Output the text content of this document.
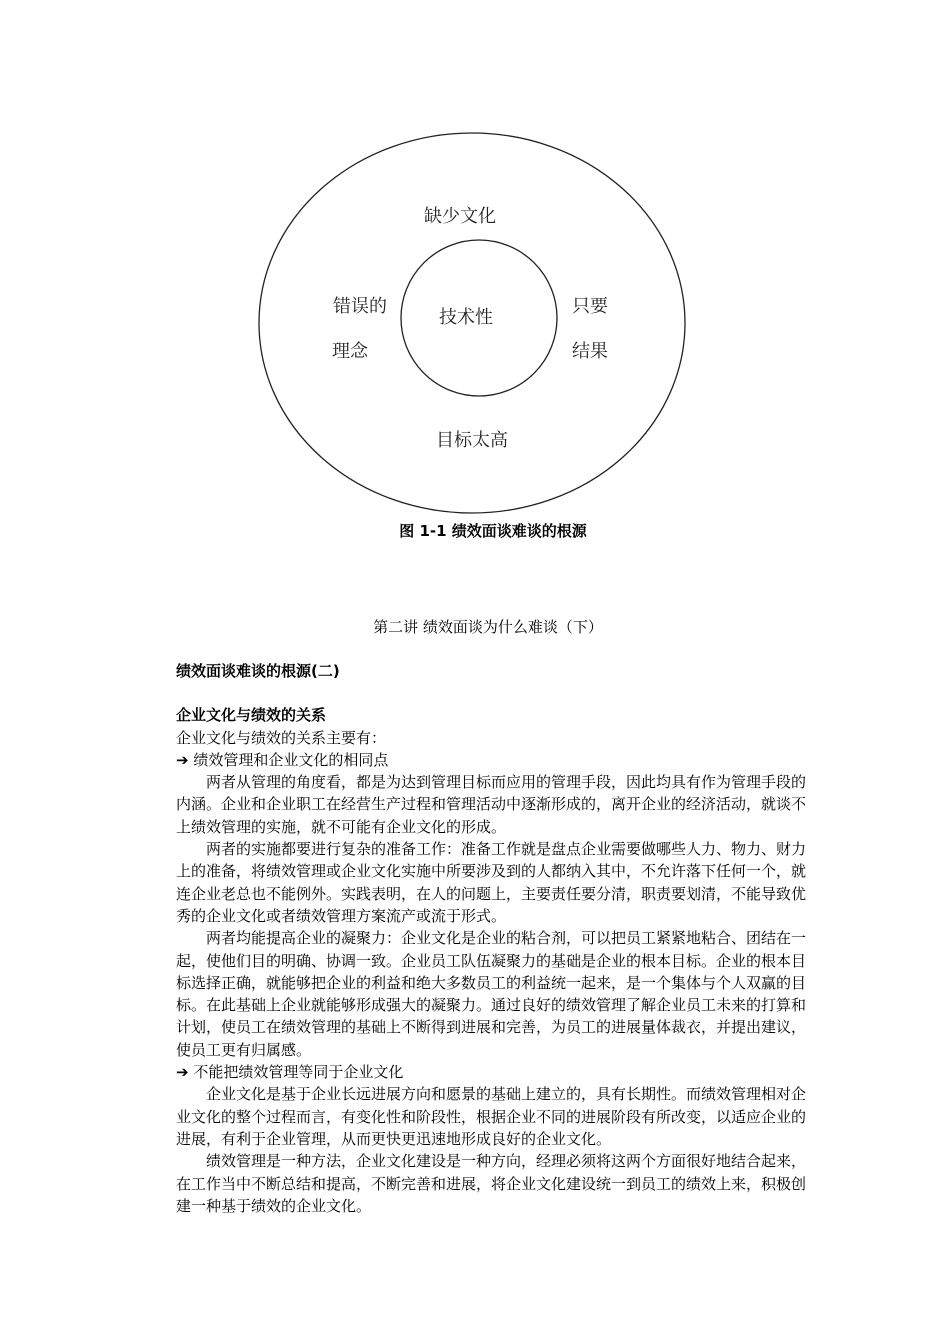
缺少文化
错误的
理念
只要
结果
技术性
目标太高
图 1-1 绩效面谈难谈的根源
第二讲 绩效面谈为什么难谈（下）

绩效面谈难谈的根源(二)

企业文化与绩效的关系

企业文化与绩效的关系主要有：

➔ 绩效管理和企业文化的相同点

两者从管理的角度看，都是为达到管理目标而应用的管理手段，因此均具有作为管理手段的内涵。企业和企业职工在经营生产过程和管理活动中逐渐形成的，离开企业的经济活动，就谈不上绩效管理的实施，就不可能有企业文化的形成。

两者的实施都要进行复杂的准备工作：准备工作就是盘点企业需要做哪些人力、物力、财力上的准备，将绩效管理或企业文化实施中所要涉及到的人都纳入其中，不允许落下任何一个，就连企业老总也不能例外。实践表明，在人的问题上，主要责任要分清，职责要划清，不能导致优秀的企业文化或者绩效管理方案流产或流于形式。

两者均能提高企业的凝聚力：企业文化是企业的粘合剂，可以把员工紧紧地粘合、团结在一起，使他们目的明确、协调一致。企业员工队伍凝聚力的基础是企业的根本目标。企业的根本目标选择正确，就能够把企业的利益和绝大多数员工的利益统一起来，是一个集体与个人双赢的目标。在此基础上企业就能够形成强大的凝聚力。通过良好的绩效管理了解企业员工未来的打算和计划，使员工在绩效管理的基础上不断得到进展和完善，为员工的进展量体裁衣，并提出建议，使员工更有归属感。

➔ 不能把绩效管理等同于企业文化

企业文化是基于企业长远进展方向和愿景的基础上建立的，具有长期性。而绩效管理相对企业文化的整个过程而言，有变化性和阶段性，根据企业不同的进展阶段有所改变，以适应企业的进展，有利于企业管理，从而更快更迅速地形成良好的企业文化。

绩效管理是一种方法，企业文化建设是一种方向，经理必须将这两个方面很好地结合起来，在工作当中不断总结和提高，不断完善和进展，将企业文化建设统一到员工的绩效上来，积极创建一种基于绩效的企业文化。
